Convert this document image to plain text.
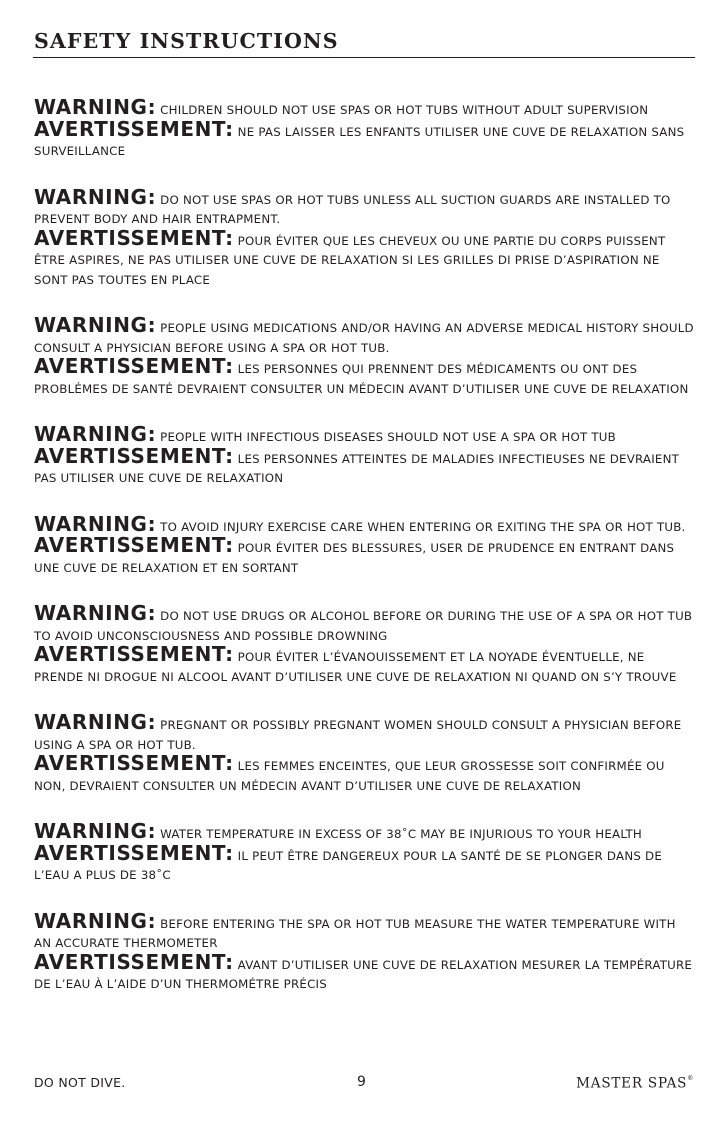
SAFETY INSTRUCTIONS

WARNING: CHILDREN SHOULD NOT USE SPAS OR HOT TUBS WITHOUT ADULT SUPERVISION

AVERTISSEMENT: NE PAS LAISSER LES ENFANTS UTILISER UNE CUVE DE RELAXATION SANS SURVEILLANCE

WARNING: DO NOT USE SPAS OR HOT TUBS UNLESS ALL SUCTION GUARDS ARE INSTALLED TO PREVENT BODY AND HAIR ENTRAPMENT.

AVERTISSEMENT: POUR ÉVITER QUE LES CHEVEUX OU UNE PARTIE DU CORPS PUISSENT ÊTRE ASPIRES, NE PAS UTILISER UNE CUVE DE RELAXATION SI LES GRILLES DI PRISE D’ASPIRATION NE SONT PAS TOUTES EN PLACE

WARNING: PEOPLE USING MEDICATIONS AND/OR HAVING AN ADVERSE MEDICAL HISTORY SHOULD CONSULT A PHYSICIAN BEFORE USING A SPA OR HOT TUB.

AVERTISSEMENT: LES PERSONNES QUI PRENNENT DES MÉDICAMENTS OU ONT DES PROBLÉMES DE SANTÉ DEVRAIENT CONSULTER UN MÉDECIN AVANT D’UTILISER UNE CUVE DE RELAXATION

WARNING: PEOPLE WITH INFECTIOUS DISEASES SHOULD NOT USE A SPA OR HOT TUB

AVERTISSEMENT: LES PERSONNES ATTEINTES DE MALADIES INFECTIEUSES NE DEVRAIENT PAS UTILISER UNE CUVE DE RELAXATION

WARNING: TO AVOID INJURY EXERCISE CARE WHEN ENTERING OR EXITING THE SPA OR HOT TUB.

AVERTISSEMENT: POUR ÉVITER DES BLESSURES, USER DE PRUDENCE EN ENTRANT DANS UNE CUVE DE RELAXATION ET EN SORTANT

WARNING: DO NOT USE DRUGS OR ALCOHOL BEFORE OR DURING THE USE OF A SPA OR HOT TUB TO AVOID UNCONSCIOUSNESS AND POSSIBLE DROWNING

AVERTISSEMENT: POUR ÉVITER L’ÉVANOUISSEMENT ET LA NOYADE ÉVENTUELLE, NE PRENDE NI DROGUE NI ALCOOL AVANT D’UTILISER UNE CUVE DE RELAXATION NI QUAND ON S’Y TROUVE

WARNING: PREGNANT OR POSSIBLY PREGNANT WOMEN SHOULD CONSULT A PHYSICIAN BEFORE USING A SPA OR HOT TUB.

AVERTISSEMENT: LES FEMMES ENCEINTES, QUE LEUR GROSSESSE SOIT CONFIRMÉE OU NON, DEVRAIENT CONSULTER UN MÉDECIN AVANT D’UTILISER UNE CUVE DE RELAXATION

WARNING: WATER TEMPERATURE IN EXCESS OF 38˚C MAY BE INJURIOUS TO YOUR HEALTH

AVERTISSEMENT: IL PEUT ÊTRE DANGEREUX POUR LA SANTÉ DE SE PLONGER DANS DE L’EAU A PLUS DE 38˚C

WARNING: BEFORE ENTERING THE SPA OR HOT TUB MEASURE THE WATER TEMPERATURE WITH AN ACCURATE THERMOMETER

AVERTISSEMENT: AVANT D’UTILISER UNE CUVE DE RELAXATION MESURER LA TEMPÉRATURE DE L’EAU À L’AIDE D’UN THERMOMÉTRE PRÉCIS

DO NOT DIVE.	9	MASTER SPAS®
